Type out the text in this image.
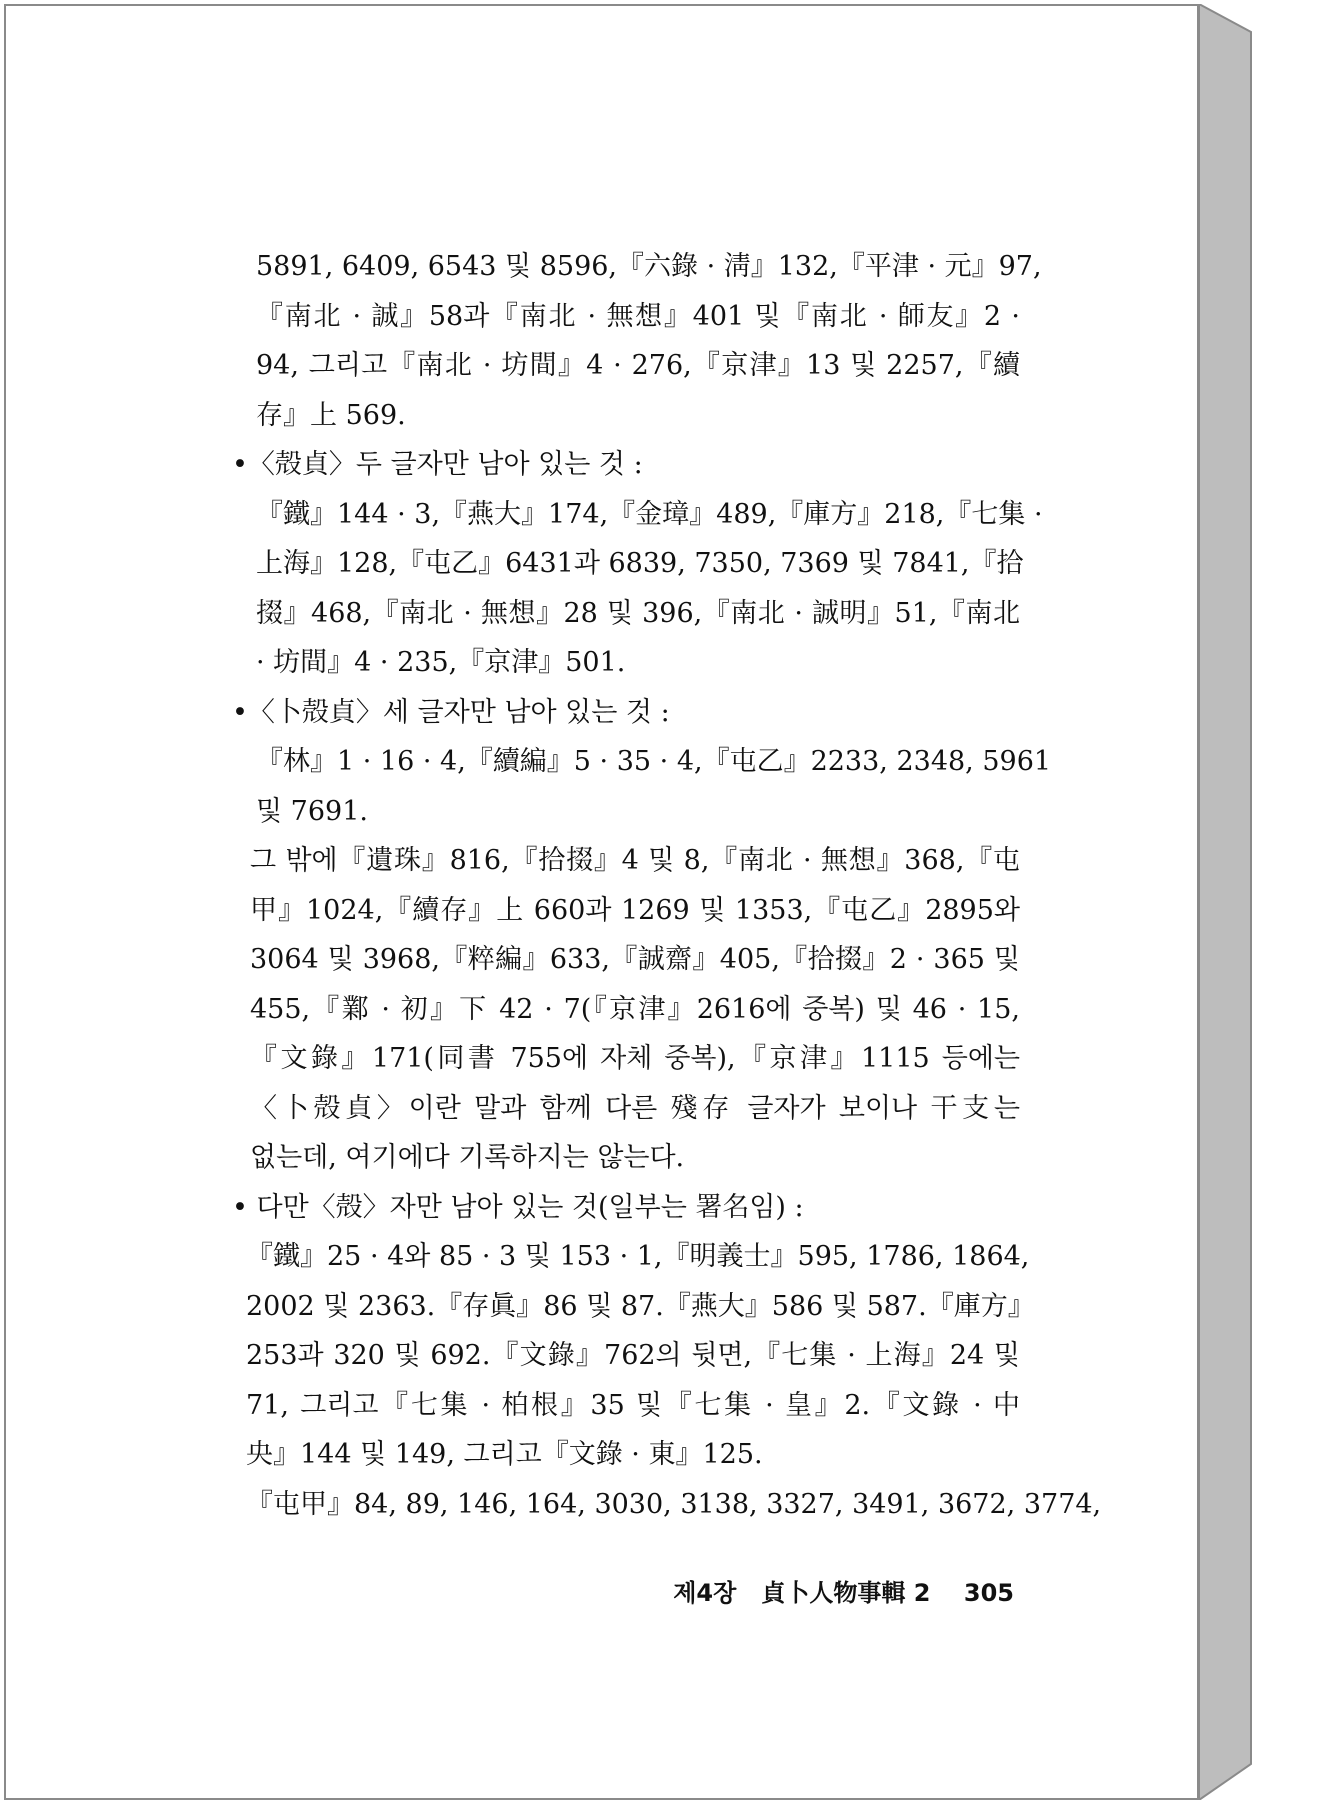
5891, 6409, 6543 및 8596,『六錄 · 淸』132,『平津 · 元』97,
『南北 · 誠』58과『南北 · 無想』401 및『南北 · 師友』2 ·
94, 그리고『南北 · 坊間』4 · 276,『京津』13 및 2257,『續
存』上 569.
•〈殻貞〉두 글자만 남아 있는 것 :
『鐵』144 · 3,『燕大』174,『金璋』489,『庫方』218,『七集 ·
上海』128,『屯乙』6431과 6839, 7350, 7369 및 7841,『拾
掇』468,『南北 · 無想』28 및 396,『南北 · 誠明』51,『南北
· 坊間』4 · 235,『京津』501.
•〈卜殻貞〉세 글자만 남아 있는 것 :
『林』1 · 16 · 4,『續編』5 · 35 · 4,『屯乙』2233, 2348, 5961
및 7691.
그 밖에『遺珠』816,『拾掇』4 및 8,『南北 · 無想』368,『屯
甲』1024,『續存』上 660과 1269 및 1353,『屯乙』2895와
3064 및 3968,『粹編』633,『誠齋』405,『拾掇』2 · 365 및
455,『鄴 · 初』下 42 · 7(『京津』2616에 중복) 및 46 · 15,
『文錄』171(同書 755에 자체 중복),『京津』1115 등에는
〈卜殻貞〉이란 말과 함께 다른 殘存 글자가 보이나 干支는
없는데, 여기에다 기록하지는 않는다.
• 다만〈殻〉자만 남아 있는 것(일부는 署名임) :
『鐵』25 · 4와 85 · 3 및 153 · 1,『明義士』595, 1786, 1864,
2002 및 2363.『存眞』86 및 87.『燕大』586 및 587.『庫方』
253과 320 및 692.『文錄』762의 뒷면,『七集 · 上海』24 및
71, 그리고『七集 · 柏根』35 및『七集 · 皇』2.『文錄 · 中
央』144 및 149, 그리고『文錄 · 東』125.
『屯甲』84, 89, 146, 164, 3030, 3138, 3327, 3491, 3672, 3774,
제4장 貞卜人物事輯 2 305
